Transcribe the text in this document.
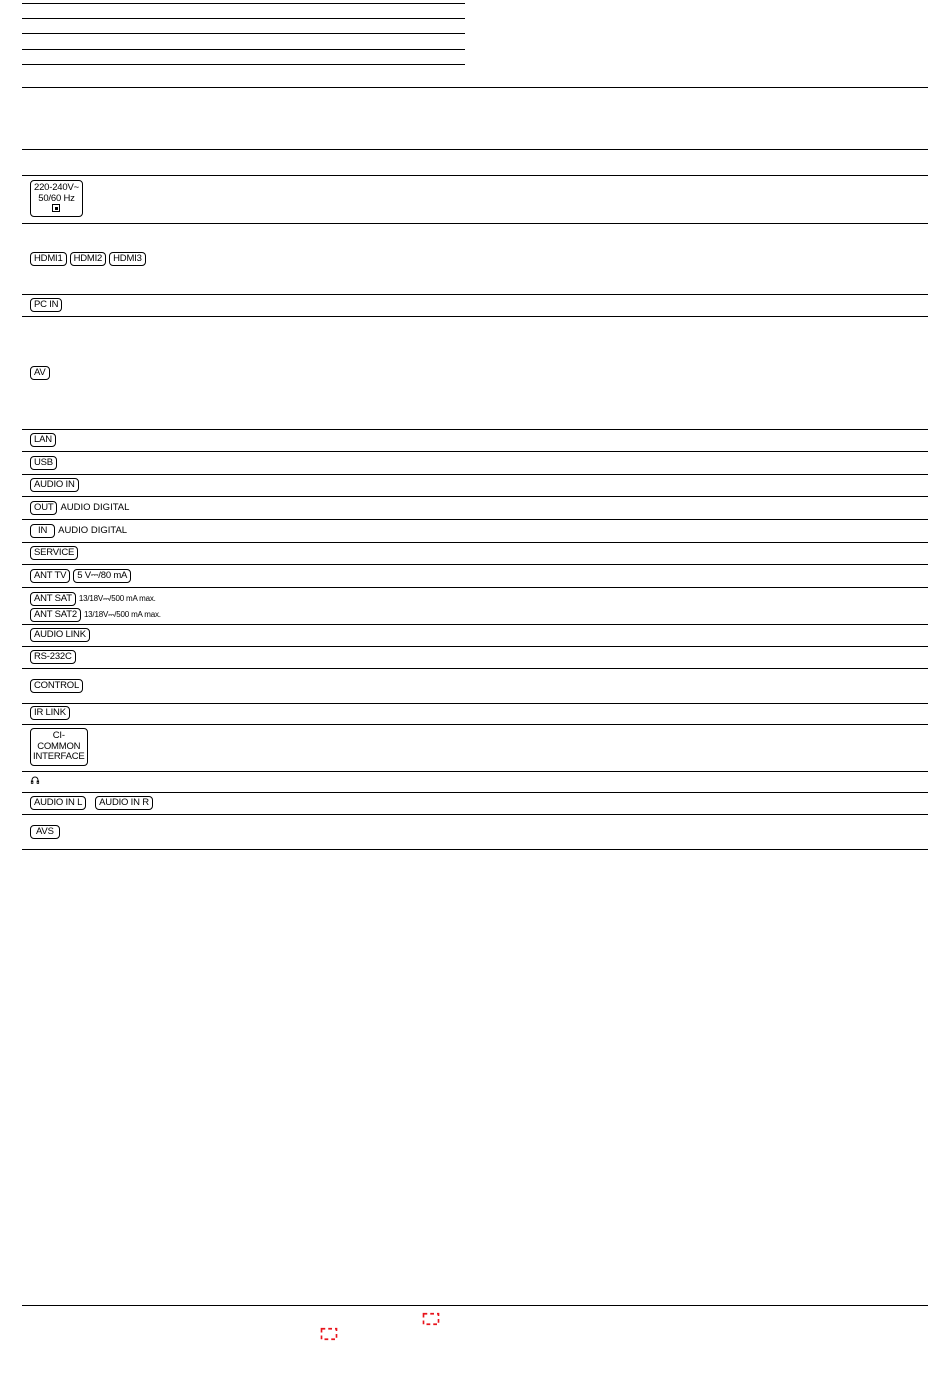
220-240V~
50/60 Hz
HDMI1	HDMI2	HDMI3
PC IN
AV
LAN
USB
AUDIO IN
OUT AUDIO DIGITAL
IN	AUDIO DIGITAL
SERVICE
ANT TV	5 V⎓/80 mA
ANT SAT 13/18V⎓/500 mA max.
ANT SAT2 13/18V⎓/500 mA max.
AUDIO LINK
RS-232C
CONTROL
IR LINK
CI-
COMMON
INTERFACE
AUDIO IN L	AUDIO IN R
AVS
